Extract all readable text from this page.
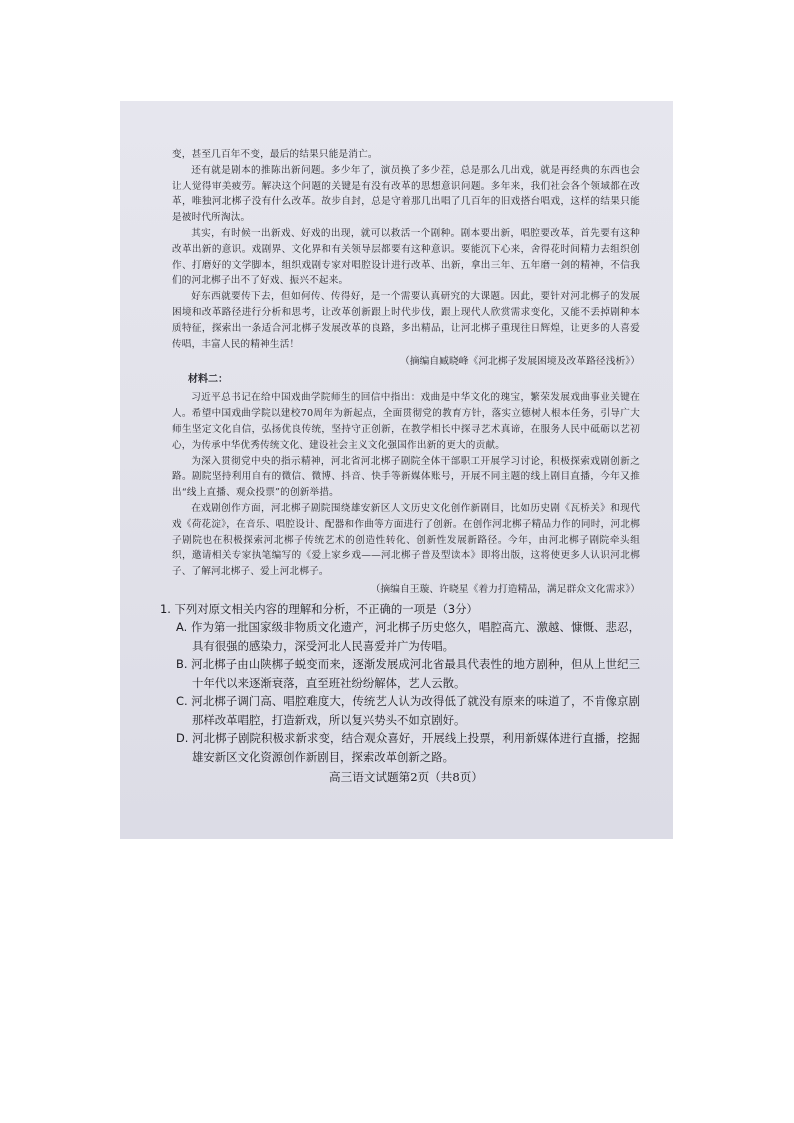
变，甚至几百年不变，最后的结果只能是消亡。

还有就是剧本的推陈出新问题。多少年了，演员换了多少茬，总是那么几出戏，就是再经典的东西也会让人觉得审美疲劳。解决这个问题的关键是有没有改革的思想意识问题。多年来，我们社会各个领域都在改革，唯独河北梆子没有什么改革。故步自封，总是守着那几出唱了几百年的旧戏搭台唱戏，这样的结果只能是被时代所淘汰。

其实，有时候一出新戏、好戏的出现，就可以救活一个剧种。剧本要出新，唱腔要改革，首先要有这种改革出新的意识。戏剧界、文化界和有关领导层都要有这种意识。要能沉下心来，舍得花时间精力去组织创作、打磨好的文学脚本，组织戏剧专家对唱腔设计进行改革、出新，拿出三年、五年磨一剑的精神，不信我们的河北梆子出不了好戏、振兴不起来。

好东西就要传下去，但如何传、传得好，是一个需要认真研究的大课题。因此，要针对河北梆子的发展困境和改革路径进行分析和思考，让改革创新跟上时代步伐，跟上现代人欣赏需求变化，又能不丢掉剧种本质特征，探索出一条适合河北梆子发展改革的良路，多出精品，让河北梆子重现往日辉煌，让更多的人喜爱传唱，丰富人民的精神生活！

（摘编自臧晓峰《河北梆子发展困境及改革路径浅析》）

材料二：

习近平总书记在给中国戏曲学院师生的回信中指出：戏曲是中华文化的瑰宝，繁荣发展戏曲事业关键在人。希望中国戏曲学院以建校70周年为新起点，全面贯彻党的教育方针，落实立德树人根本任务，引导广大师生坚定文化自信，弘扬优良传统，坚持守正创新，在教学相长中探寻艺术真谛，在服务人民中砥砺以艺初心，为传承中华优秀传统文化、建设社会主义文化强国作出新的更大的贡献。

为深入贯彻党中央的指示精神，河北省河北梆子剧院全体干部职工开展学习讨论，积极探索戏剧创新之路。剧院坚持利用自有的微信、微博、抖音、快手等新媒体账号，开展不同主题的线上剧目直播，今年又推出“线上直播、观众投票”的创新举措。

在戏剧创作方面，河北梆子剧院围绕雄安新区人文历史文化创作新剧目，比如历史剧《瓦桥关》和现代戏《荷花淀》，在音乐、唱腔设计、配器和作曲等方面进行了创新。在创作河北梆子精品力作的同时，河北梆子剧院也在积极探索河北梆子传统艺术的创造性转化、创新性发展新路径。今年，由河北梆子剧院牵头组织，邀请相关专家执笔编写的《爱上家乡戏——河北梆子普及型读本》即将出版，这将使更多人认识河北梆子、了解河北梆子、爱上河北梆子。

（摘编自王璇、许晓星《着力打造精品，满足群众文化需求》）

1. 下列对原文相关内容的理解和分析，不正确的一项是（3分）

A. 作为第一批国家级非物质文化遗产，河北梆子历史悠久，唱腔高亢、激越、慷慨、悲忍，具有很强的感染力，深受河北人民喜爱并广为传唱。

B. 河北梆子由山陕梆子蜕变而来，逐渐发展成河北省最具代表性的地方剧种，但从上世纪三十年代以来逐渐衰落，直至班社纷纷解体，艺人云散。

C. 河北梆子调门高、唱腔难度大，传统艺人认为改得低了就没有原来的味道了，不肯像京剧那样改革唱腔，打造新戏，所以复兴势头不如京剧好。

D. 河北梆子剧院积极求新求变，结合观众喜好，开展线上投票，利用新媒体进行直播，挖掘雄安新区文化资源创作新剧目，探索改革创新之路。

高三语文试题第2页（共8页）
